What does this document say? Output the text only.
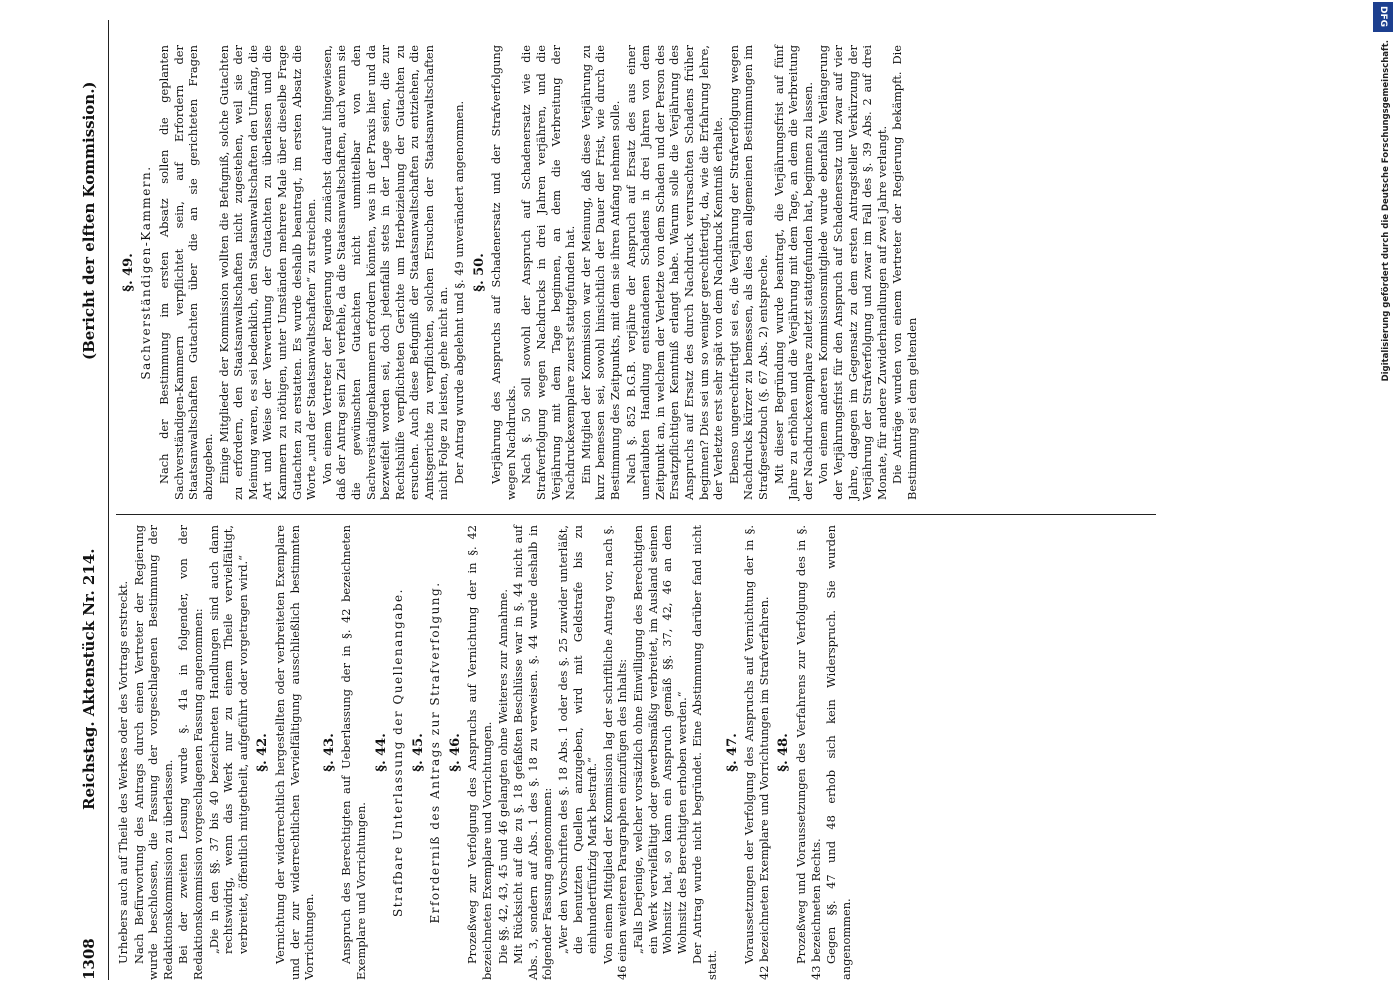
1308
Reichstag. Aktenstück Nr. 214.
(Bericht der elften Kommission.)

Urhebers auch auf Theile des Werkes oder des Vortrags erstreckt. Nach Befürwortung des Antrags durch einen Vertreter der Regierung wurde beschlossen, die Fassung der vorgeschlagenen Bestimmung der Redaktionskommission zu überlassen. Bei der zweiten Lesung wurde §. 41a in folgender, von der Redaktionskommission vorgeschlagenen Fassung angenommen: „Die in den §§. 37 bis 40 bezeichneten Handlungen sind auch dann rechtswidrig, wenn das Werk nur zu einem Theile vervielfältigt, verbreitet, öffentlich mitgetheilt, aufgeführt oder vorgetragen wird.“ §. 42. Vernichtung der widerrechtlich hergestellten oder verbreiteten Exemplare und der zur widerrechtlichen Vervielfältigung ausschließlich bestimmten Vorrichtungen.

§. 43. Anspruch des Berechtigten auf Ueberlassung der in §. 42 bezeichneten Exemplare und Vorrichtungen.

§. 44. Strafbare Unterlassung der Quellenangabe. §. 45. Erforderniß des Antrags zur Strafverfolgung. §. 46. Prozeßweg zur Verfolgung des Anspruchs auf Vernichtung der in §. 42 bezeichneten Exemplare und Vorrichtungen. Die §§. 42, 43, 45 und 46 gelangten ohne Weiteres zur Annahme. Mit Rücksicht auf die zu §. 18 gefaßten Beschlüsse war in §. 44 nicht auf Abs. 3, sondern auf Abs. 1 des §. 18 zu verweisen. §. 44 wurde deshalb in folgender Fassung angenommen: „Wer den Vorschriften des §. 18 Abs. 1 oder des §. 25 zuwider unterläßt, die benutzten Quellen anzugeben, wird mit Geldstrafe bis zu einhundertfünfzig Mark bestraft.“ Von einem Mitglied der Kommission lag der schriftliche Antrag vor, nach §. 46 einen weiteren Paragraphen einzufügen des Inhalts: „Falls Derjenige, welcher vorsätzlich ohne Einwilligung des Berechtigten ein Werk vervielfältigt oder gewerbsmäßig verbreitet, im Ausland seinen Wohnsitz hat, so kann ein Anspruch gemäß §§. 37, 42, 46 an dem Wohnsitz des Berechtigten erhoben werden.“ Der Antrag wurde nicht begründet. Eine Abstimmung darüber fand nicht statt.

§. 47. Voraussetzungen der Verfolgung des Anspruchs auf Vernichtung der in §. 42 bezeichneten Exemplare und Vorrichtungen im Strafverfahren. §. 48. Prozeßweg und Voraussetzungen des Verfahrens zur Verfolgung des in §. 43 bezeichneten Rechts. Gegen §§. 47 und 48 erhob sich kein Widerspruch. Sie wurden angenommen.

§. 49. Sachverständigen-Kammern. Nach der Bestimmung im ersten Absatz sollen die geplanten Sachverständigen-Kammern verpflichtet sein, auf Erfordern der Staatsanwaltschaften Gutachten über die an sie gerichteten Fragen abzugeben. Einige Mitglieder der Kommission wollten die Befugniß, solche Gutachten zu erfordern, den Staatsanwaltschaften nicht zugestehen, weil sie der Meinung waren, es sei bedenklich, den Staatsanwaltschaften den Umfang, die Art und Weise der Verwerthung der Gutachten zu überlassen und die Kammern zu nöthigen, unter Umständen mehrere Male über dieselbe Frage Gutachten zu erstatten. Es wurde deshalb beantragt, im ersten Absatz die Worte „und der Staatsanwaltschaften“ zu streichen. Von einem Vertreter der Regierung wurde zunächst darauf hingewiesen, daß der Antrag sein Ziel verfehle, da die Staatsanwaltschaften, auch wenn sie die gewünschten Gutachten nicht unmittelbar von den Sachverständigenkammern erfordern könnten, was in der Praxis hier und da bezweifelt worden sei, doch jedenfalls stets in der Lage seien, die zur Rechtshülfe verpflichteten Gerichte um Herbeiziehung der Gutachten zu ersuchen. Auch diese Befugniß der Staatsanwaltschaften zu entziehen, die Amtsgerichte zu verpflichten, solchen Ersuchen der Staatsanwaltschaften nicht Folge zu leisten, gehe nicht an. Der Antrag wurde abgelehnt und §. 49 unverändert angenommen. §. 50. Verjährung des Anspruchs auf Schadenersatz und der Strafverfolgung wegen Nachdrucks. Nach §. 50 soll sowohl der Anspruch auf Schadenersatz wie die Strafverfolgung wegen Nachdrucks in drei Jahren verjähren, und die Verjährung mit dem Tage beginnen, an dem die Verbreitung der Nachdruckexemplare zuerst stattgefunden hat. Ein Mitglied der Kommission war der Meinung, daß diese Verjährung zu kurz bemessen sei, sowohl hinsichtlich der Dauer der Frist, wie durch die Bestimmung des Zeitpunkts, mit dem sie ihren Anfang nehmen solle. Nach §. 852 B.G.B. verjähre der Anspruch auf Ersatz des aus einer unerlaubten Handlung entstandenen Schadens in drei Jahren von dem Zeitpunkt an, in welchem der Verletzte von dem Schaden und der Person des Ersatzpflichtigen Kenntniß erlangt habe. Warum solle die Verjährung des Anspruchs auf Ersatz des durch Nachdruck verursachten Schadens früher beginnen? Dies sei um so weniger gerechtfertigt, da, wie die Erfahrung lehre, der Verletzte erst sehr spät von dem Nachdruck Kenntniß erhalte. Ebenso ungerechtfertigt sei es, die Verjährung der Strafverfolgung wegen Nachdrucks kürzer zu bemessen, als dies den allgemeinen Bestimmungen im Strafgesetzbuch (§. 67 Abs. 2) entspreche. Mit dieser Begründung wurde beantragt, die Verjährungsfrist auf fünf Jahre zu erhöhen und die Verjährung mit dem Tage, an dem die Verbreitung der Nachdruckexemplare zuletzt stattgefunden hat, beginnen zu lassen. Von einem anderen Kommissionsmitgliede wurde ebenfalls Verlängerung der Verjährungsfrist für den Anspruch auf Schadenersatz und zwar auf vier Jahre, dagegen im Gegensatz zu dem ersten Antragsteller Verkürzung der Verjährung der Strafverfolgung und zwar im Fall des §. 39 Abs. 2 auf drei Monate, für andere Zuwiderhandlungen auf zwei Jahre verlangt. Die Anträge wurden von einem Vertreter der Regierung bekämpft. Die Bestimmung sei dem geltenden

DFG
Digitalisierung gefördert durch die Deutsche Forschungsgemeinschaft.
